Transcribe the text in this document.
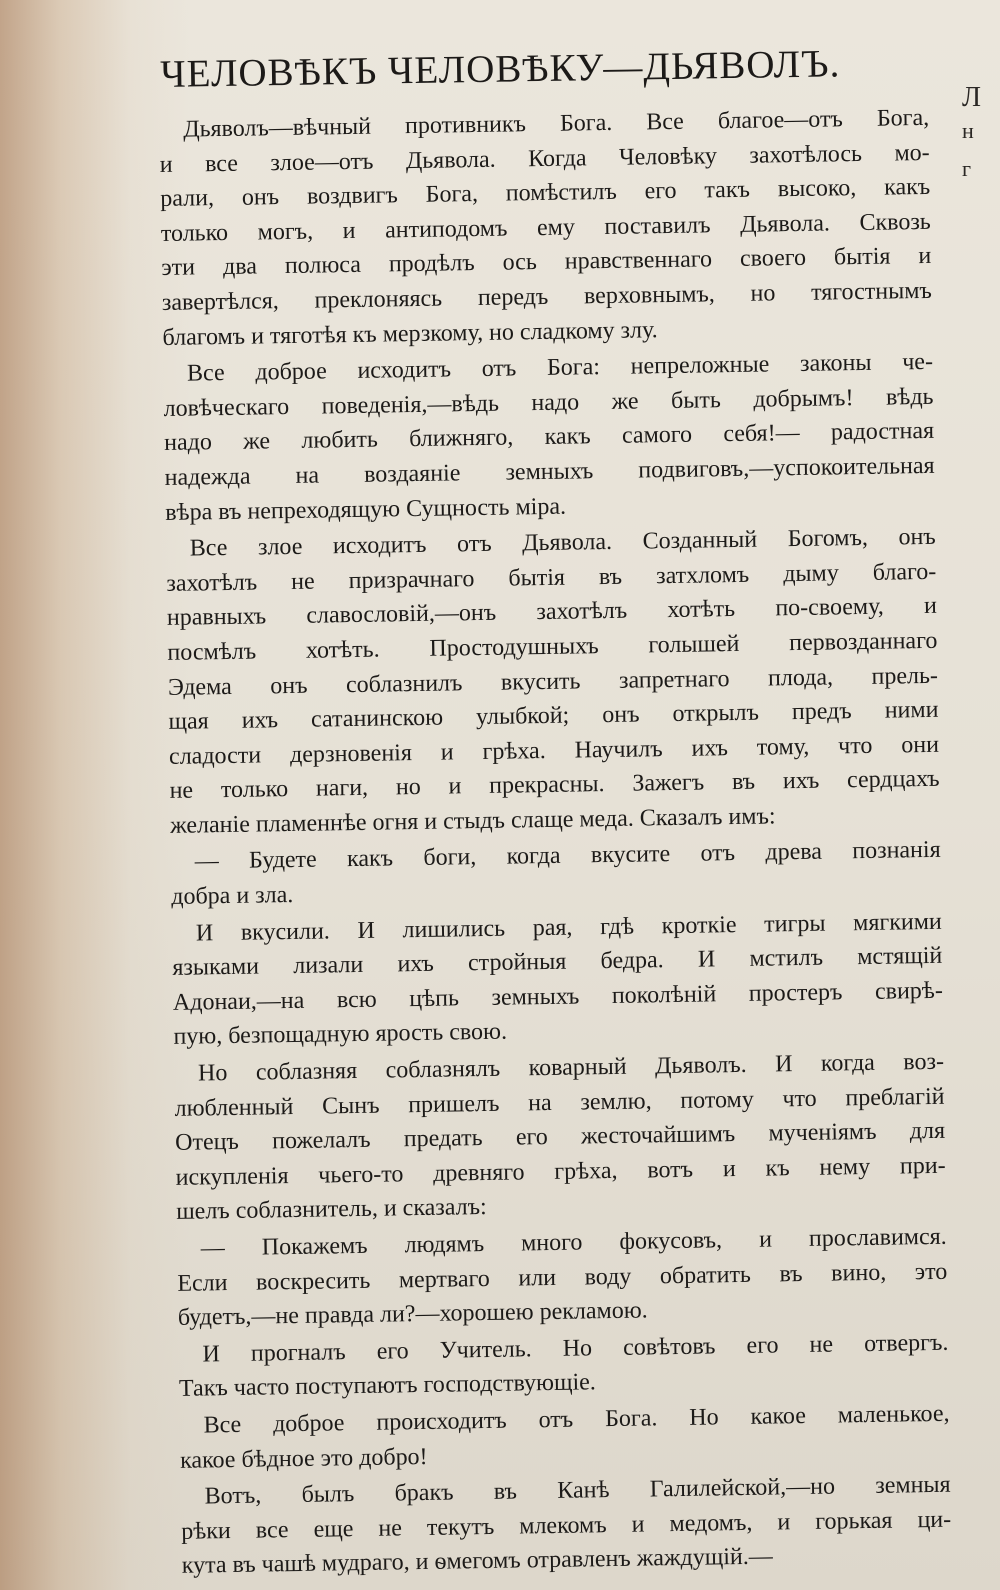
Л
н
г
ЧЕЛОВѢКЪ ЧЕЛОВѢКУ—ДЬЯВОЛЪ.
Дьяволъ—вѣчный противникъ Бога. Все благое—отъ Бога,
и все злое—отъ Дьявола. Когда Человѣку захотѣлось мо-
рали, онъ воздвигъ Бога, помѣстилъ его такъ высоко, какъ
только могъ, и антиподомъ ему поставилъ Дьявола. Сквозь
эти два полюса продѣлъ ось нравственнаго своего бытія и
завертѣлся, преклоняясь передъ верховнымъ, но тягостнымъ
благомъ и тяготѣя къ мерзкому, но сладкому злу.
Все доброе исходитъ отъ Бога: непреложные законы че-
ловѣческаго поведенія,—вѣдь надо же быть добрымъ! вѣдь
надо же любить ближняго, какъ самого себя!— радостная
надежда на воздаяніе земныхъ подвиговъ,—успокоительная
вѣра въ непреходящую Сущность міра.
Все злое исходитъ отъ Дьявола. Созданный Богомъ, онъ
захотѣлъ не призрачнаго бытія въ затхломъ дыму благо-
нравныхъ славословій,—онъ захотѣлъ хотѣть по-своему, и
посмѣлъ хотѣть. Простодушныхъ голышей первозданнаго
Эдема онъ соблазнилъ вкусить запретнаго плода, прель-
щая ихъ сатанинскою улыбкой; онъ открылъ предъ ними
сладости дерзновенія и грѣха. Научилъ ихъ тому, что они
не только наги, но и прекрасны. Зажегъ въ ихъ сердцахъ
желаніе пламеннѣе огня и стыдъ слаще меда. Сказалъ имъ:
— Будете какъ боги, когда вкусите отъ древа познанія
добра и зла.
И вкусили. И лишились рая, гдѣ кроткіе тигры мягкими
языками лизали ихъ стройныя бедра. И мстилъ мстящій
Адонаи,—на всю цѣпь земныхъ поколѣній простеръ свирѣ-
пую, безпощадную ярость свою.
Но соблазняя соблазнялъ коварный Дьяволъ. И когда воз-
любленный Сынъ пришелъ на землю, потому что преблагій
Отецъ пожелалъ предать его жесточайшимъ мученіямъ для
искупленія чьего-то древняго грѣха, вотъ и къ нему при-
шелъ соблазнитель, и сказалъ:
— Покажемъ людямъ много фокусовъ, и прославимся.
Если воскресить мертваго или воду обратить въ вино, это
будетъ,—не правда ли?—хорошею рекламою.
И прогналъ его Учитель. Но совѣтовъ его не отвергъ.
Такъ часто поступаютъ господствующіе.
Все доброе происходитъ отъ Бога. Но какое маленькое,
какое бѣдное это добро!
Вотъ, былъ бракъ въ Канѣ Галилейской,—но земныя
рѣки все еще не текутъ млекомъ и медомъ, и горькая ци-
кута въ чашѣ мудраго, и ѳмегомъ отравленъ жаждущій.—
